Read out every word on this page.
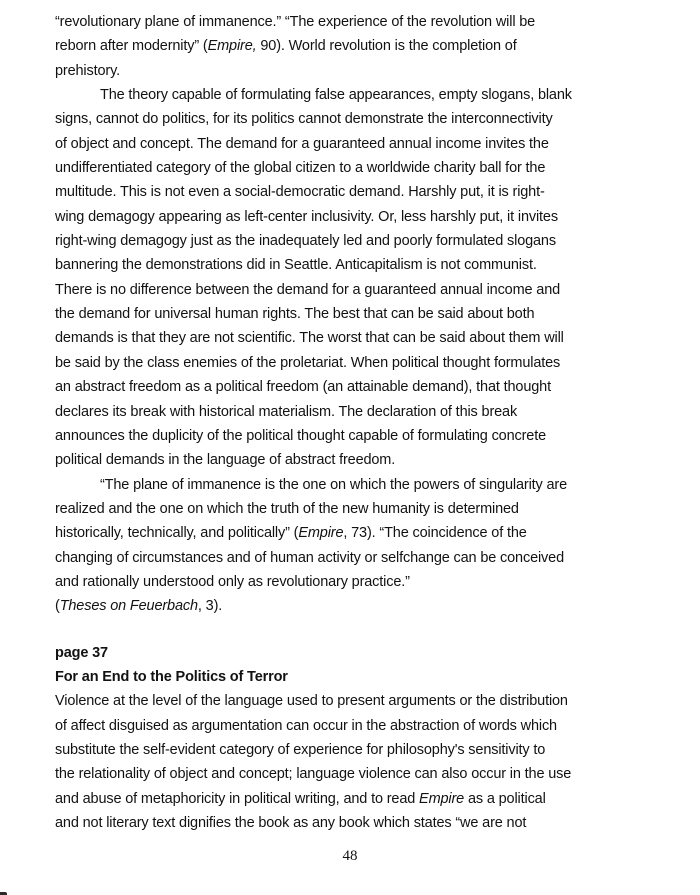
“revolutionary plane of immanence.” “The experience of the revolution will be
reborn after modernity” (Empire, 90). World revolution is the completion of
prehistory.
The theory capable of formulating false appearances, empty slogans, blank
signs, cannot do politics, for its politics cannot demonstrate the interconnectivity
of object and concept. The demand for a guaranteed annual income invites the
undifferentiated category of the global citizen to a worldwide charity ball for the
multitude. This is not even a social-democratic demand. Harshly put, it is right-
wing demagogy appearing as left-center inclusivity. Or, less harshly put, it invites
right-wing demagogy just as the inadequately led and poorly formulated slogans
bannering the demonstrations did in Seattle. Anticapitalism is not communist.
There is no difference between the demand for a guaranteed annual income and
the demand for universal human rights. The best that can be said about both
demands is that they are not scientific. The worst that can be said about them will
be said by the class enemies of the proletariat. When political thought formulates
an abstract freedom as a political freedom (an attainable demand), that thought
declares its break with historical materialism. The declaration of this break
announces the duplicity of the political thought capable of formulating concrete
political demands in the language of abstract freedom.
“The plane of immanence is the one on which the powers of singularity are
realized and the one on which the truth of the new humanity is determined
historically, technically, and politically” (Empire, 73). “The coincidence of the
changing of circumstances and of human activity or selfchange can be conceived
and rationally understood only as revolutionary practice.”
(Theses on Feuerbach, 3).
page 37
For an End to the Politics of Terror
Violence at the level of the language used to present arguments or the distribution
of affect disguised as argumentation can occur in the abstraction of words which
substitute the self-evident category of experience for philosophy's sensitivity to
the relationality of object and concept; language violence can also occur in the use
and abuse of metaphoricity in political writing, and to read Empire as a political
and not literary text dignifies the book as any book which states “we are not
48
